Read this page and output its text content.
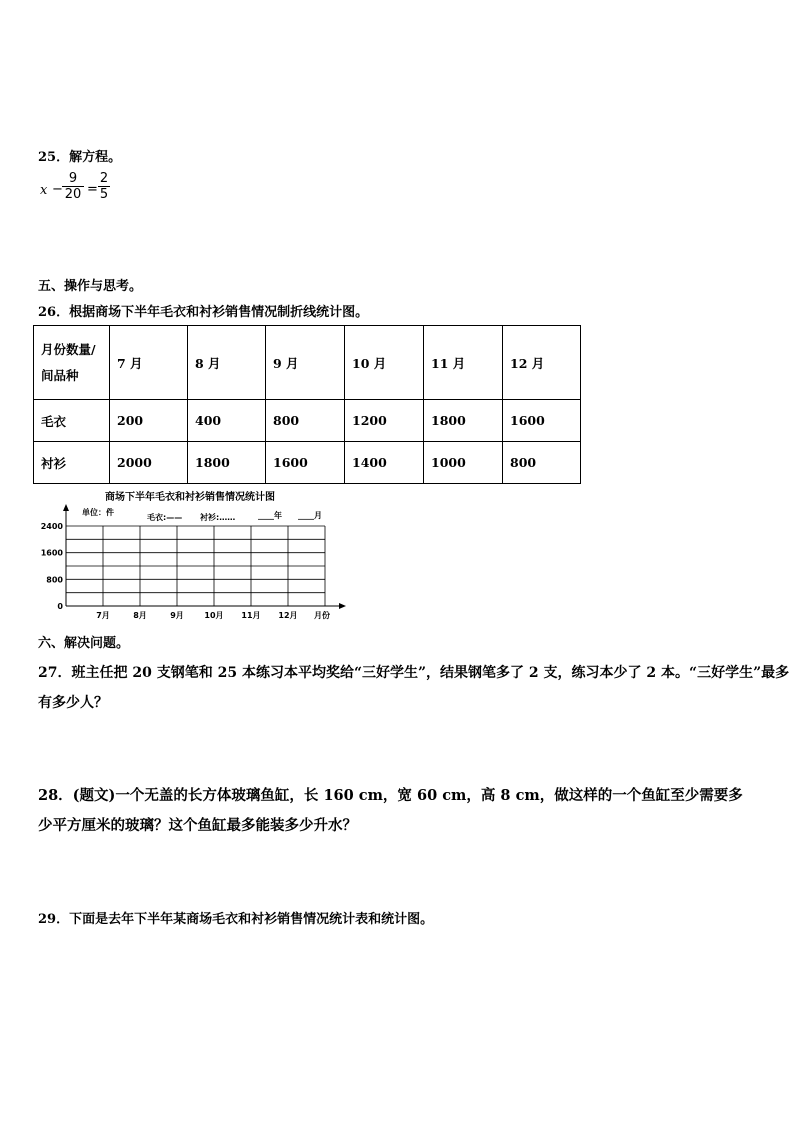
25．解方程。
x −
9
20 =
2
5
五、操作与思考。
26．根据商场下半年毛衣和衬衫销售情况制折线统计图。
月份数量/
间品种	7 月	8 月	9 月	10 月	11 月	12 月
毛衣	200	400	800	1200	1800	1600
衬衫	2000	1800	1600	1400	1000	800
商场下半年毛衣和衬衫销售情况统计图
单位：件
毛衣:—— 衬衫:……	____年 ____月
2400
1600
800
0
7月	8月	9月	10月 11月 12月 月份
六、解决问题。
27．班主任把 20 支钢笔和 25 本练习本平均奖给“三好学生”，结果钢笔多了 2 支，练习本少了 2 本。“三好学生”最多
有多少人？
28．(题文)一个无盖的长方体玻璃鱼缸，长 160 cm，宽 60 cm，高 8 cm，做这样的一个鱼缸至少需要多
少平方厘米的玻璃？这个鱼缸最多能装多少升水？
29．下面是去年下半年某商场毛衣和衬衫销售情况统计表和统计图。
